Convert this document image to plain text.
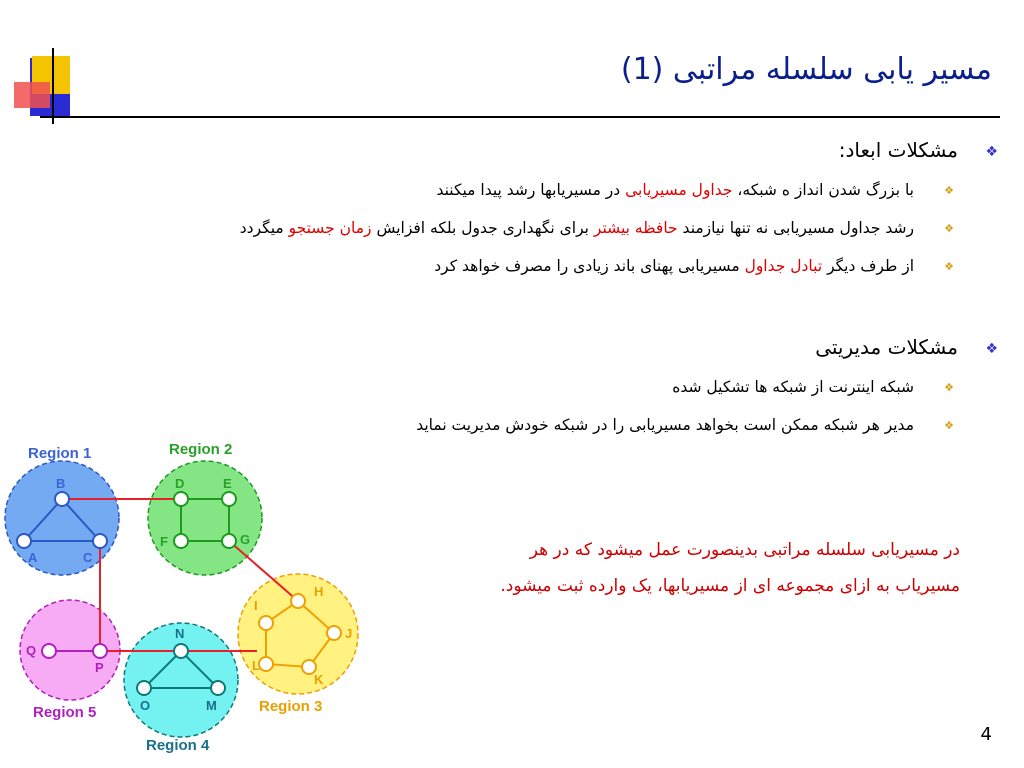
مسیر یابی سلسله مراتبی (1)
❖
مشکلات ابعاد:
❖
با بزرگ شدن انداز ه شبکه، جداول مسیریابی در مسیریابها رشد پیدا میکنند
❖
رشد جداول مسیریابی نه تنها نیازمند حافظه بیشتر برای نگهداری جدول بلکه افزایش زمان جستجو میگردد
❖
از طرف دیگر تبادل جداول مسیریابی پهنای باند زیادی را مصرف خواهد کرد
❖
مشکلات مدیریتی
❖
شبکه اینترنت از شبکه ها تشکیل شده
❖
مدیر هر شبکه ممکن است بخواهد مسیریابی را در شبکه خودش مدیریت نماید
در مسیریابی سلسله مراتبی بدینصورت عمل میشود که در هر
مسیریاب به ازای مجموعه ای از مسیریابها، یک وارده ثبت میشود.
B
A	C
D	E
F	G
H
I
J
K
L
N
O	M
Q
P
Region 1	Region 2
Region 3
Region 4
Region 5
4
